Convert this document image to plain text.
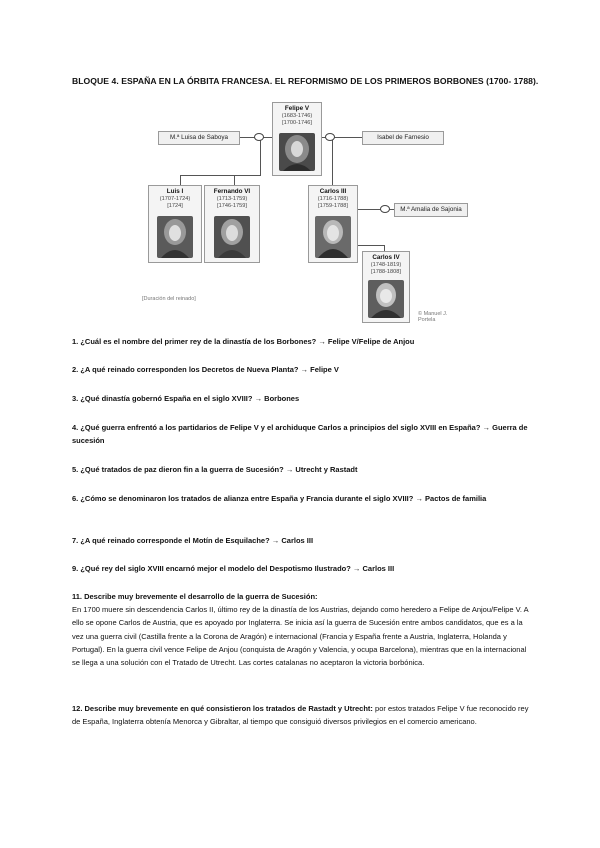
BLOQUE 4. ESPAÑA EN LA ÓRBITA FRANCESA. EL REFORMISMO DE LOS PRIMEROS BORBONES (1700- 1788).
Felipe V
(1683-1746)
[1700-1746]
M.ª Luisa de Saboya	Isabel de Farnesio
Luis I
(1707-1724)
[1724]
Fernando VI
(1713-1759)
[1746-1759]
Carlos III
(1716-1788)
[1759-1788]	M.ª Amalia de Sajonia
Carlos IV
(1748-1819)
[1788-1808]
[Duración del reinado]
© Manuel J. Portela
1. ¿Cuál es el nombre del primer rey de la dinastía de los Borbones? → Felipe V/Felipe de Anjou
2. ¿A qué reinado corresponden los Decretos de Nueva Planta? → Felipe V
3. ¿Qué dinastía gobernó España en el siglo XVIII? → Borbones
4. ¿Qué guerra enfrentó a los partidarios de Felipe V y el archiduque Carlos a principios del siglo XVIII en España? → Guerra de sucesión
5. ¿Qué tratados de paz dieron fin a la guerra de Sucesión? → Utrecht y Rastadt
6. ¿Cómo se denominaron los tratados de alianza entre España y Francia durante el siglo XVIII? → Pactos de familia
7. ¿A qué reinado corresponde el Motín de Esquilache? → Carlos III
9. ¿Qué rey del siglo XVIII encarnó mejor el modelo del Despotismo Ilustrado? → Carlos III
11. Describe muy brevemente el desarrollo de la guerra de Sucesión:
En 1700 muere sin descendencia Carlos II, último rey de la dinastía de los Austrias, dejando como heredero a Felipe de Anjou/Felipe V. A ello se opone Carlos de Austria, que es apoyado por Inglaterra. Se inicia así la guerra de Sucesión entre ambos candidatos, que es a la vez una guerra civil (Castilla frente a la Corona de Aragón) e internacional (Francia y España frente a Austria, Inglaterra, Holanda y Portugal). En la guerra civil vence Felipe de Anjou (conquista de Aragón y Valencia, y ocupa Barcelona), mientras que en la internacional se llega a una solución con el Tratado de Utrecht. Las cortes catalanas no aceptaron la victoria borbónica.
12. Describe muy brevemente en qué consistieron los tratados de Rastadt y Utrecht: por estos tratados Felipe V fue reconocido rey de España, Inglaterra obtenía Menorca y Gibraltar, al tiempo que consiguió diversos privilegios en el comercio americano.
